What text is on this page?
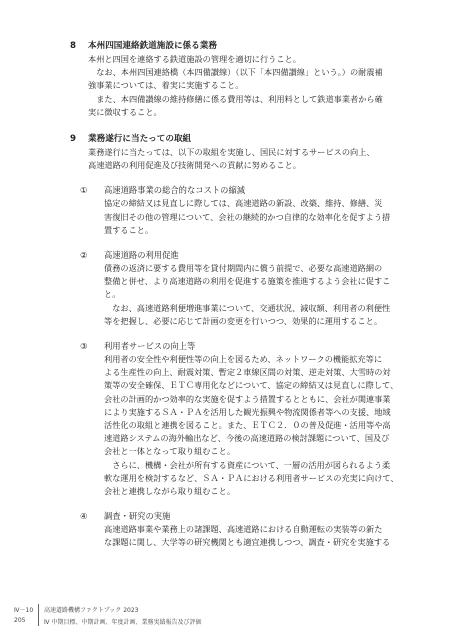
8	本州四国連絡鉄道施設に係る業務

本州と四国を連絡する鉄道施設の管理を適切に行うこと。
　なお、本州四国連絡橋（本四備讃線）（以下「本四備讃線」という。）の耐震補
強事業については、着実に実施すること。
　また、本四備讃線の維持修繕に係る費用等は、利用料として鉄道事業者から確
実に徴収すること。

9	業務遂行に当たっての取組

業務遂行に当たっては、以下の取組を実施し、国民に対するサービスの向上、
高速道路の利用促進及び技術開発への貢献に努めること。

①	高速道路事業の総合的なコストの縮減

協定の締結又は見直しに際しては、高速道路の新設、改築、維持、修繕、災
害復旧その他の管理について、会社の継続的かつ自律的な効率化を促すよう措
置すること。

②	高速道路の利用促進

債務の返済に要する費用等を貸付期間内に償う前提で、必要な高速道路網の
整備と併せ、より高速道路の利用を促進する施策を推進するよう会社に促すこ
と。
　なお、高速道路利便増進事業について、交通状況、減収額、利用者の利便性
等を把握し、必要に応じて計画の変更を行いつつ、効果的に運用すること。

③	利用者サービスの向上等

利用者の安全性や利便性等の向上を図るため、ネットワークの機能拡充等に
よる生産性の向上、耐震対策、暫定２車線区間の対策、逆走対策、大雪時の対
策等の安全確保、ＥＴＣ専用化などについて、協定の締結又は見直しに際して、
会社の計画的かつ効率的な実施を促すよう措置するとともに、会社が関連事業
により実施するＳＡ・ＰＡを活用した観光振興や物流関係者等への支援、地域
活性化の取組と連携を図ること。また、ＥＴＣ２．０の普及促進・活用等や高
速道路システムの海外輸出など、今後の高速道路の検討課題について、国及び
会社と一体となって取り組むこと。
　さらに、機構・会社が所有する資産について、一層の活用が図られるよう柔
軟な運用を検討するなど、ＳＡ・ＰＡにおける利用者サービスの充実に向けて、
会社と連携しながら取り組むこと。

④	調査・研究の実施

高速道路事業や業務上の諸課題、高速道路における自動運転の実装等の新た
な課題に関し、大学等の研究機関とも適宜連携しつつ、調査・研究を実施する

Ⅳ－10
205
高速道路機構ファクトブック 2023
Ⅳ 中期目標、中期計画、年度計画、業務実績報告及び評価
